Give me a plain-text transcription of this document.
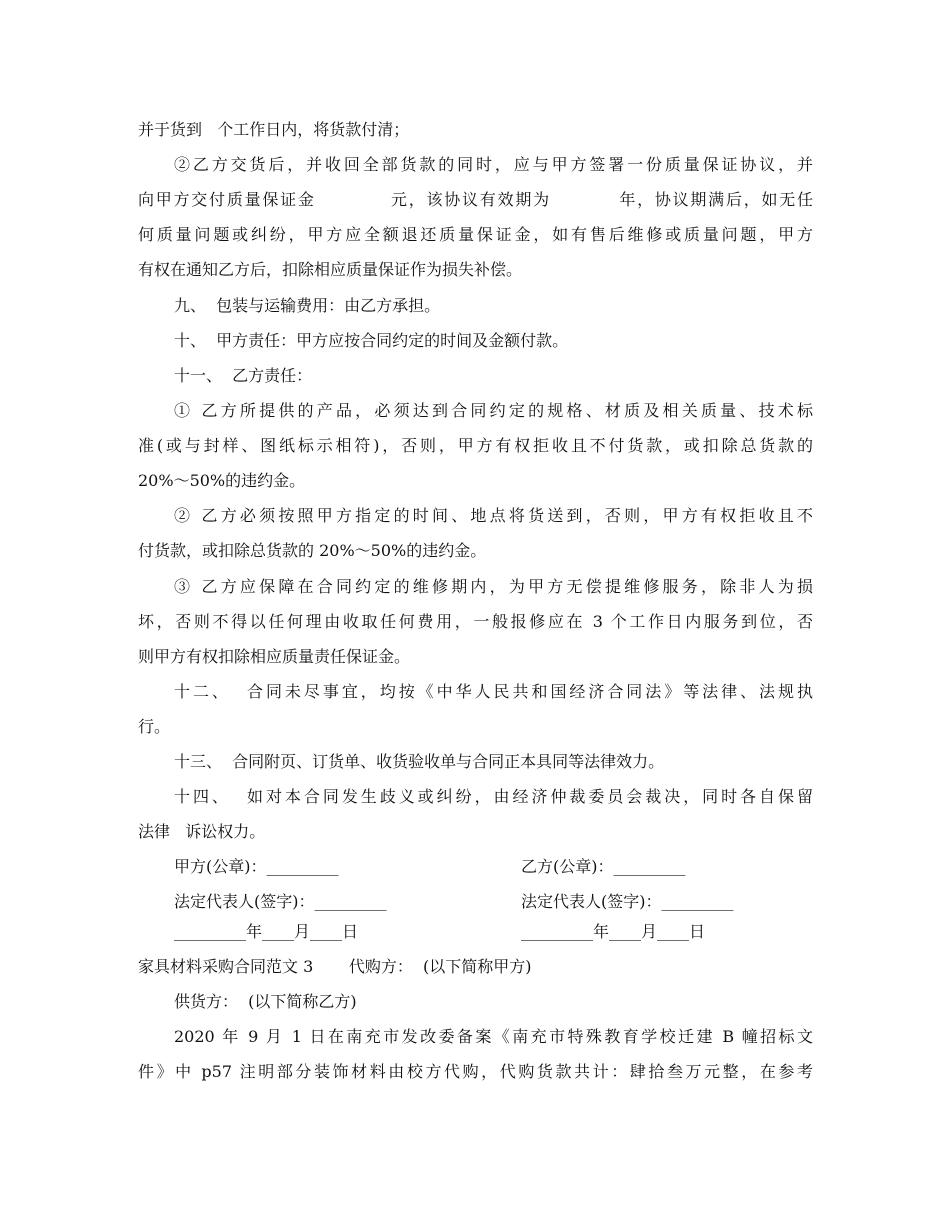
并于货到   个工作日内，将货款付清；
②乙方交货后，并收回全部货款的同时，应与甲方签署一份质量保证协议，并
向甲方交付质量保证金           元，该协议有效期为          年，协议期满后，如无任
何质量问题或纠纷，甲方应全额退还质量保证金，如有售后维修或质量问题，甲方
有权在通知乙方后，扣除相应质量保证作为损失补偿。
九、  包装与运输费用：由乙方承担。
十、  甲方责任：甲方应按合同约定的时间及金额付款。
十一、  乙方责任：
① 乙方所提供的产品，必须达到合同约定的规格、材质及相关质量、技术标
准(或与封样、图纸标示相符)，否则，甲方有权拒收且不付货款，或扣除总货款的
20%～50%的违约金。
② 乙方必须按照甲方指定的时间、地点将货送到，否则，甲方有权拒收且不
付货款，或扣除总货款的 20%～50%的违约金。
③ 乙方应保障在合同约定的维修期内，为甲方无偿提维修服务，除非人为损
坏，否则不得以任何理由收取任何费用，一般报修应在 3 个工作日内服务到位，否
则甲方有权扣除相应质量责任保证金。
十二、  合同未尽事宜，均按《中华人民共和国经济合同法》等法律、法规执
行。
十三、  合同附页、订货单、收货验收单与合同正本具同等法律效力。
十四、  如对本合同发生歧义或纠纷，由经济仲裁委员会裁决，同时各自保留
法律   诉讼权力。
甲方(公章)：_________	乙方(公章)：_________
法定代表人(签字)：_________	法定代表人(签字)：_________
_________年____月____日	_________年____月____日
家具材料采购合同范文 3       代购方：  (以下简称甲方)
供货方：  (以下简称乙方)
2020 年 9 月 1 日在南充市发改委备案《南充市特殊教育学校迁建 B 幢招标文
件》中 p57 注明部分装饰材料由校方代购，代购货款共计：肆拾叁万元整，在参考
